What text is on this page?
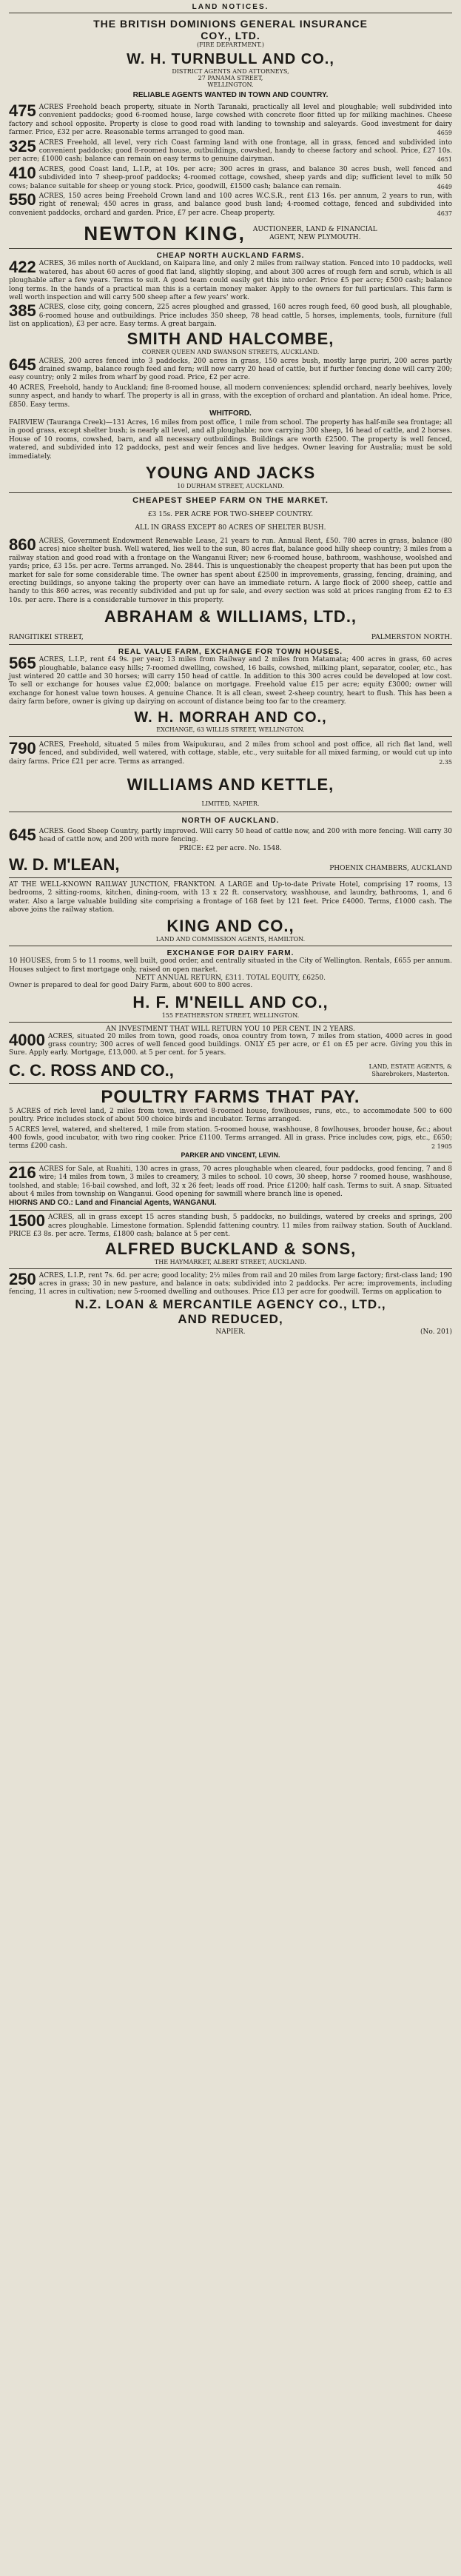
LAND NOTICES.
THE BRITISH DOMINIONS GENERAL INSURANCE
COY., LTD.
(FIRE DEPARTMENT.)
W. H. TURNBULL AND CO.,
DISTRICT AGENTS AND ATTORNEYS,
27 PANAMA STREET,
WELLINGTON.
RELIABLE AGENTS WANTED IN TOWN AND COUNTRY.

475 ACRES Freehold beach property, situate in North Taranaki, practically all level and ploughable; well subdivided into convenient paddocks; good 6-roomed house, large cowshed with concrete floor fitted up for milking machines. Cheese factory and school opposite. Property is close to good road with landing to township and saleyards. Good investment for dairy farmer. Price, £32 per acre. Reasonable terms arranged to good man.	4659

325 ACRES Freehold, all level, very rich Coast farming land with one frontage, all in grass, fenced and subdivided into convenient paddocks; good 8-roomed house, outbuildings, cowshed, handy to cheese factory and school. Price, £27 10s. per acre; £1000 cash; balance can remain on easy terms to genuine dairyman.	4651

410 ACRES, good Coast land, L.I.P., at 10s. per acre; 300 acres in grass, and balance 30 acres bush, well fenced and subdivided into 7 sheep-proof paddocks; 4-roomed cottage, cowshed, sheep yards and dip; sufficient level to milk 50 cows; balance suitable for sheep or young stock. Price, goodwill, £1500 cash; balance can remain.	4649

550 ACRES, 150 acres being Freehold Crown land and 100 acres W.C.S.R., rent £13 16s. per annum, 2 years to run, with right of renewal; 450 acres in grass, and balance good bush land; 4-roomed cottage, fenced and subdivided into convenient paddocks, orchard and garden. Price, £7 per acre. Cheap property.	4637

NEWTON KING, AUCTIONEER, LAND & FINANCIAL
AGENT, NEW PLYMOUTH.
CHEAP NORTH AUCKLAND FARMS.

422 ACRES, 36 miles north of Auckland, on Kaipara line, and only 2 miles from railway station. Fenced into 10 paddocks, well watered, has about 60 acres of good flat land, slightly sloping, and about 300 acres of rough fern and scrub, which is all ploughable after a few years. Terms to suit. A good team could easily get this into order. Price £5 per acre; £500 cash; balance long terms. In the hands of a practical man this is a certain money maker. Apply to the owners for full particulars. This farm is well worth inspection and will carry 500 sheep after a few years' work.

385 ACRES, close city, going concern, 225 acres ploughed and grassed, 160 acres rough feed, 60 good bush, all ploughable, 6-roomed house and outbuildings. Price includes 350 sheep, 78 head cattle, 5 horses, implements, tools, furniture (full list on application), £3 per acre. Easy terms. A great bargain.

SMITH AND HALCOMBE,
CORNER QUEEN AND SWANSON STREETS, AUCKLAND.

645 ACRES, 200 acres fenced into 3 paddocks, 200 acres in grass, 150 acres bush, mostly large puriri, 200 acres partly drained swamp, balance rough feed and fern; will now carry 20 head of cattle, but if further fencing done will carry 200; easy country; only 2 miles from wharf by good road. Price, £2 per acre.

40 ACRES, Freehold, handy to Auckland; fine 8-roomed house, all modern conveniences; splendid orchard, nearly beehives, lovely sunny aspect, and handy to wharf. The property is all in grass, with the exception of orchard and plantation. An ideal home. Price, £850. Easy terms.

WHITFORD.

FAIRVIEW (Tauranga Creek)—131 Acres, 16 miles from post office, 1 mile from school. The property has half-mile sea frontage; all in good grass, except shelter bush; is nearly all level, and all ploughable; now carrying 300 sheep, 16 head of cattle, and 2 horses. House of 10 rooms, cowshed, barn, and all necessary outbuildings. Buildings are worth £2500. The property is well fenced, watered, and subdivided into 12 paddocks, pest and weir fences and live hedges. Owner leaving for Australia; must be sold immediately.

YOUNG AND JACKS
10 DURHAM STREET, AUCKLAND.
CHEAPEST SHEEP FARM ON THE MARKET.
£3 15s. PER ACRE FOR TWO-SHEEP COUNTRY.
ALL IN GRASS EXCEPT 80 ACRES OF SHELTER BUSH.

860 ACRES, Government Endowment Renewable Lease, 21 years to run. Annual Rent, £50. 780 acres in grass, balance (80 acres) nice shelter bush. Well watered, lies well to the sun, 80 acres flat, balance good hilly sheep country; 3 miles from a railway station and good road with a frontage on the Wanganui River; new 6-roomed house, bathroom, washhouse, woolshed and yards; price, £3 15s. per acre. Terms arranged. No. 2844. This is unquestionably the cheapest property that has been put upon the market for sale for some considerable time. The owner has spent about £2500 in improvements, grassing, fencing, draining, and erecting buildings, so anyone taking the property over can have an immediate return. A large flock of 2000 sheep, cattle and handy to this 860 acres, was recently subdivided and put up for sale, and every section was sold at prices ranging from £2 to £3 10s. per acre. There is a considerable turnover in this property.

ABRAHAM & WILLIAMS, LTD.,
RANGITIKEI STREET,	PALMERSTON NORTH.
REAL VALUE FARM, EXCHANGE FOR TOWN HOUSES.

565 ACRES, L.I.P., rent £4 9s. per year; 13 miles from Railway and 2 miles from Matamata; 400 acres in grass, 60 acres ploughable, balance easy hills; 7-roomed dwelling, cowshed, 16 bails, cowshed, milking plant, separator, cooler, etc., has just wintered 20 cattle and 30 horses; will carry 150 head of cattle. In addition to this 300 acres could be developed at low cost. To sell or exchange for houses value £2,000; balance on mortgage. Freehold value £15 per acre; equity £3000; owner will exchange for honest value town houses. A genuine Chance. It is all clean, sweet 2-sheep country, heart to flush. This has been a dairy farm before, owner is giving up dairying on account of distance being too far to the creamery.

W. H. MORRAH AND CO.,
EXCHANGE, 63 WILLIS STREET, WELLINGTON.

790 ACRES, Freehold, situated 5 miles from Waipukurau, and 2 miles from school and post office, all rich flat land, well fenced, and subdivided, well watered, with cottage, stable, etc., very suitable for all mixed farming, or would cut up into dairy farms. Price £21 per acre. Terms as arranged.	2.35

WILLIAMS AND KETTLE,
LIMITED, NAPIER.
NORTH OF AUCKLAND.

645 ACRES. Good Sheep Country, partly improved. Will carry 50 head of cattle now, and 200 with more fencing. Will carry 30 head of cattle now, and 200 with more fencing.

PRICE: £2 per acre. No. 1548.
W. D. M'LEAN,	PHOENIX CHAMBERS, AUCKLAND

AT THE WELL-KNOWN RAILWAY JUNCTION, FRANKTON. A LARGE and Up-to-date Private Hotel, comprising 17 rooms, 13 bedrooms, 2 sitting-rooms, kitchen, dining-room, with 13 x 22 ft. conservatory, washhouse, and laundry, bathrooms, 1, and 6 water. Also a large valuable building site comprising a frontage of 168 feet by 121 feet. Price £4000. Terms, £1000 cash. The above joins the railway station.

KING AND CO.,
LAND AND COMMISSION AGENTS, HAMILTON.
EXCHANGE FOR DAIRY FARM.

10 HOUSES, from 5 to 11 rooms, well built, good order, and centrally situated in the City of Wellington. Rentals, £655 per annum. Houses subject to first mortgage only, raised on open market.

NETT ANNUAL RETURN, £311. TOTAL EQUITY, £6250.

Owner is prepared to deal for good Dairy Farm, about 600 to 800 acres.

H. F. M'NEILL AND CO.,
155 FEATHERSTON STREET, WELLINGTON.
AN INVESTMENT THAT WILL RETURN YOU 10 PER CENT. IN 2 YEARS.

4000 ACRES, situated 20 miles from town, good roads, onoa country from town, 7 miles from station, 4000 acres in good grass country; 300 acres of well fenced good buildings. ONLY £5 per acre, or £1 on £5 per acre. Giving you this in Sure. Apply early. Mortgage, £13,000. at 5 per cent. for 5 years.

C. C. ROSS AND CO.,	LAND, ESTATE AGENTS, &
Sharebrokers, Masterton.
POULTRY FARMS THAT PAY.

5 ACRES of rich level land, 2 miles from town, inverted 8-roomed house, fowlhouses, runs, etc., to accommodate 500 to 600 poultry. Price includes stock of about 500 choice birds and incubator. Terms arranged.

5 ACRES level, watered, and sheltered, 1 mile from station. 5-roomed house, washhouse, 8 fowlhouses, brooder house, &c.; about 400 fowls, good incubator, with two ring cooker. Price £1100. Terms arranged. All in grass. Price includes cow, pigs, etc., £650; terms £200 cash.	2 1905

PARKER AND VINCENT, LEVIN.

216 ACRES for Sale, at Ruahiti, 130 acres in grass, 70 acres ploughable when cleared, four paddocks, good fencing, 7 and 8 wire; 14 miles from town, 3 miles to creamery, 3 miles to school. 10 cows, 30 sheep, horse 7 roomed house, washhouse, toolshed, and stable; 16-bail cowshed, and loft, 32 x 26 feet; leads off road. Price £1200; half cash. Terms to suit. A snap. Situated about 4 miles from township on Wanganui. Good opening for sawmill where branch line is opened.

HIORNS AND CO.: Land and Financial Agents, WANGANUI.

1500 ACRES, all in grass except 15 acres standing bush, 5 paddocks, no buildings, watered by creeks and springs, 200 acres ploughable. Limestone formation. Splendid fattening country. 11 miles from railway station. South of Auckland. PRICE £3 8s. per acre. Terms, £1800 cash; balance at 5 per cent.

ALFRED BUCKLAND & SONS,
THE HAYMARKET, ALBERT STREET, AUCKLAND.

250 ACRES, L.I.P., rent 7s. 6d. per acre; good locality; 2½ miles from rail and 20 miles from large factory; first-class land; 190 acres in grass; 30 in new pasture, and balance in oats; subdivided into 2 paddocks. Per acre; improvements, including fencing, 11 acres in cultivation; new 5-roomed dwelling and outhouses. Price £13 per acre for goodwill. Terms on application to

N.Z. LOAN & MERCANTILE AGENCY CO., LTD.,
AND REDUCED,
NAPIER.	(No. 201)
